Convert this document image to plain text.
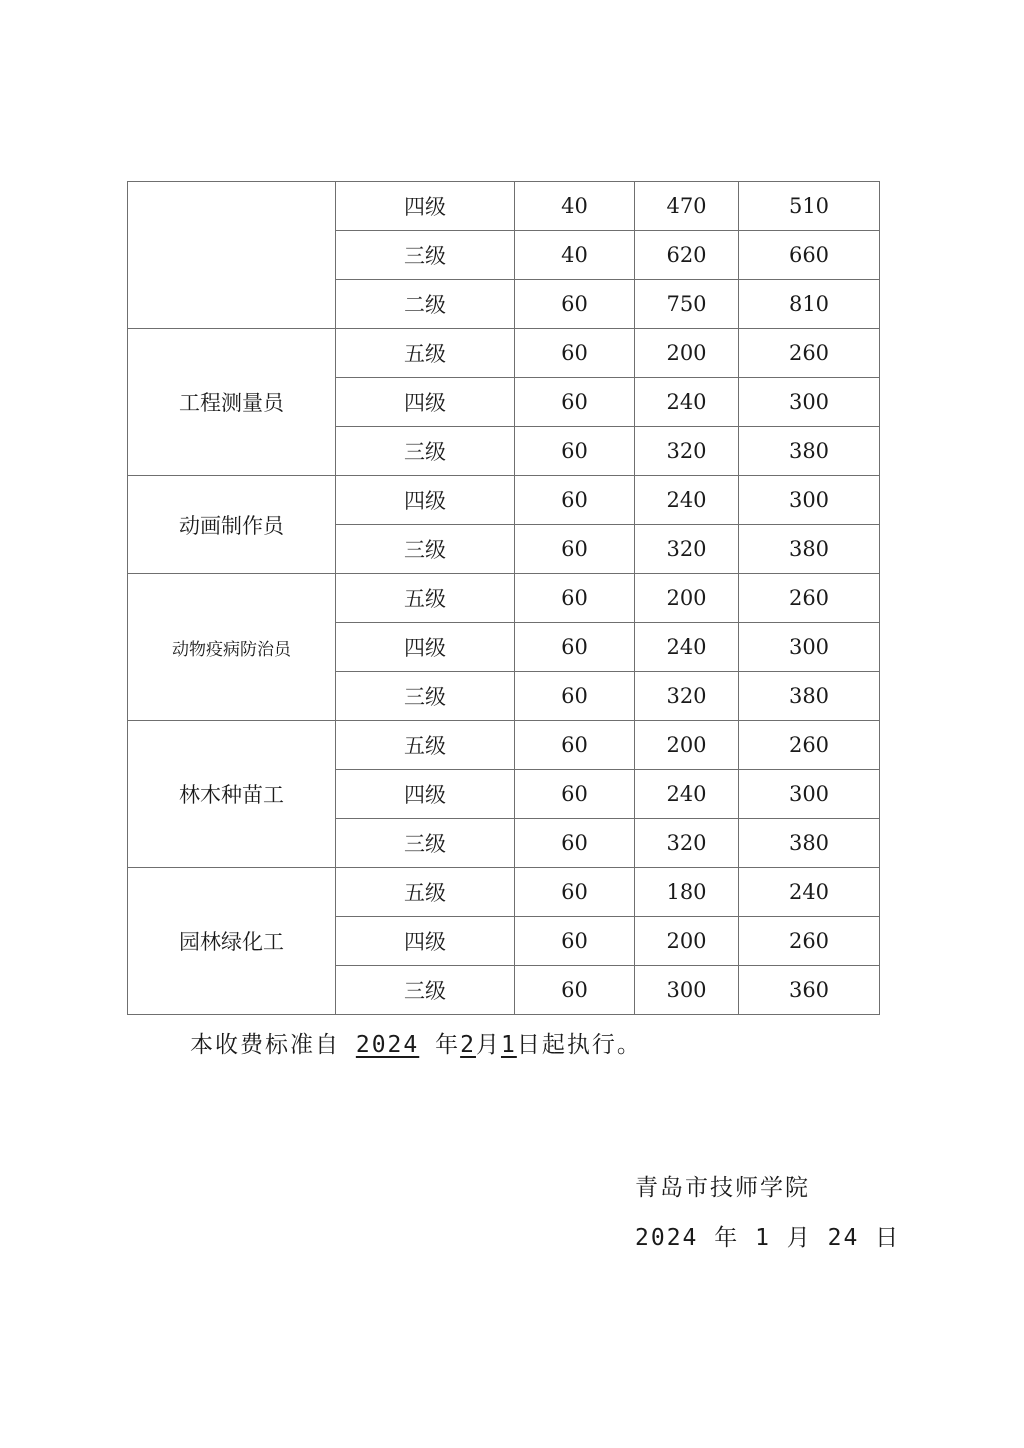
	四级	40	470	510
	三级	40	620	660
	二级	60	750	810
工程测量员	五级	60	200	260
	四级	60	240	300
	三级	60	320	380
动画制作员	四级	60	240	300
	三级	60	320	380
动物疫病防治员	五级	60	200	260
	四级	60	240	300
	三级	60	320	380
林木种苗工	五级	60	200	260
	四级	60	240	300
	三级	60	320	380
园林绿化工	五级	60	180	240
	四级	60	200	260
	三级	60	300	360
本收费标准自 2024 年2月1日起执行。
青岛市技师学院
2024 年 1 月 24 日
